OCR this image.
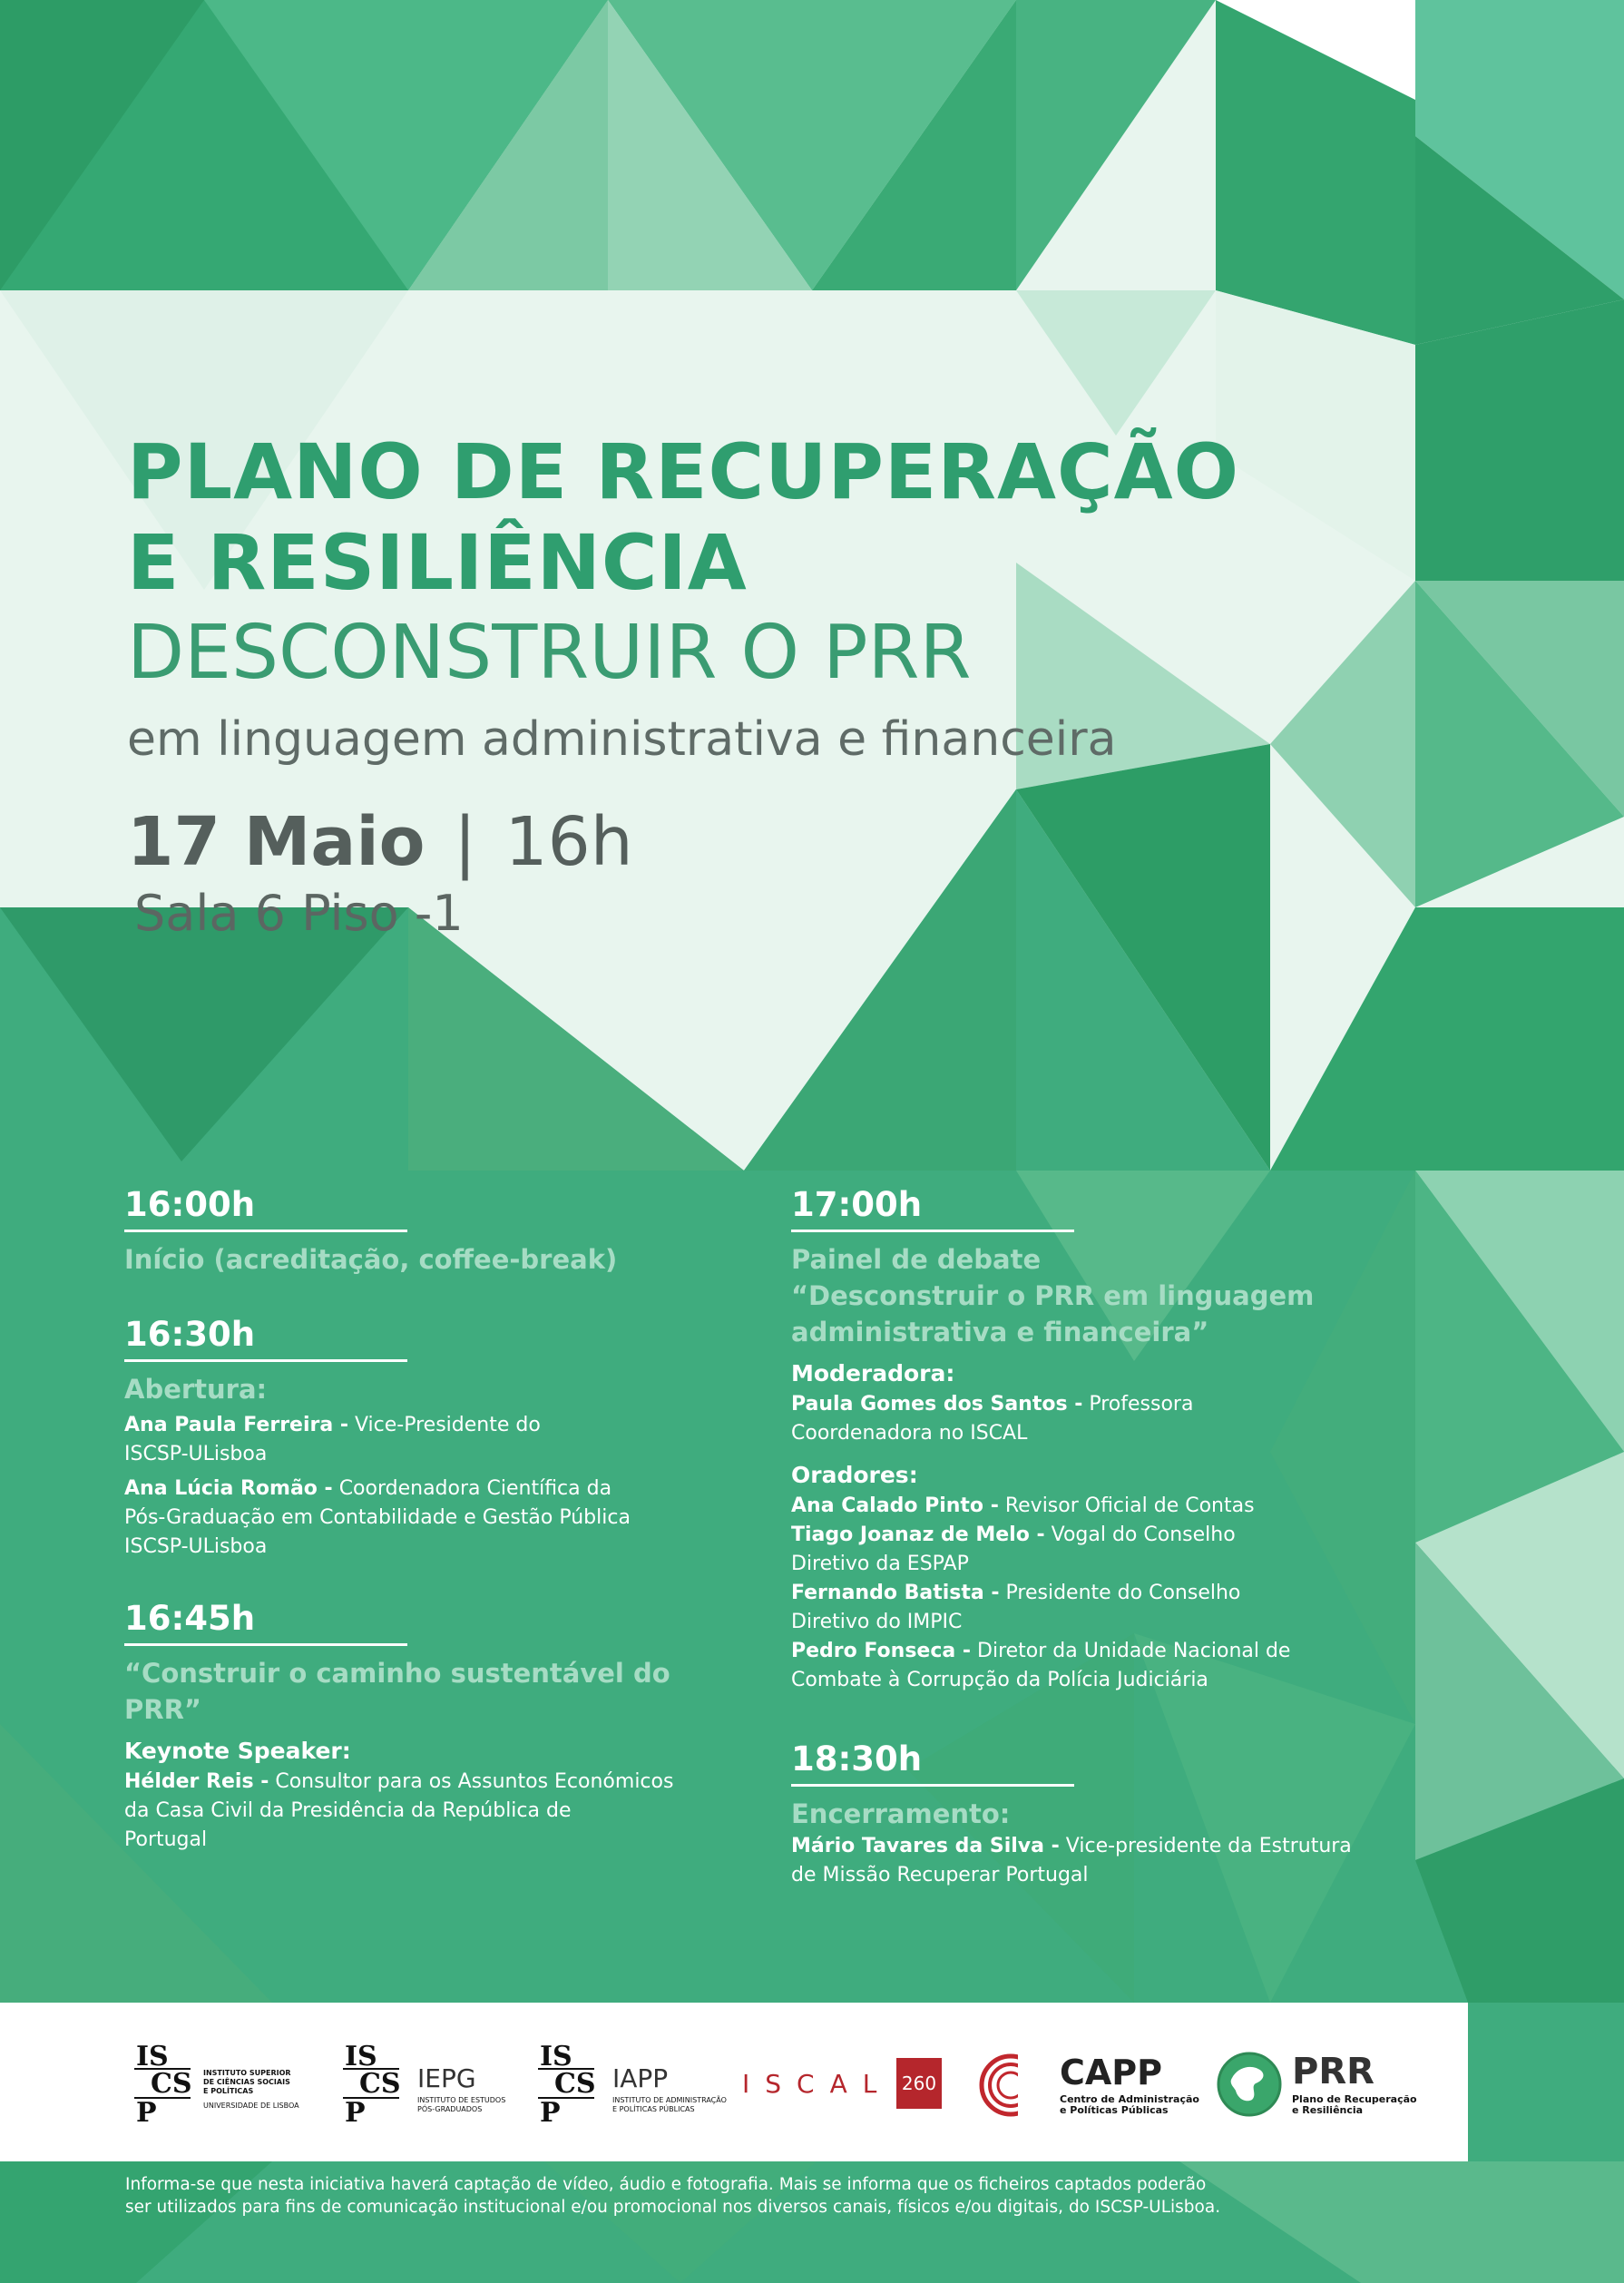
PLANO DE RECUPERAÇÃO
E RESILIÊNCIA
DESCONSTRUIR O PRR
em linguagem administrativa e financeira
17 Maio | 16h
Sala 6 Piso -1
16:00h
Início (acreditação, coffee-break)
16:30h
Abertura:
Ana Paula Ferreira - Vice-Presidente do
ISCSP-ULisboa
Ana Lúcia Romão - Coordenadora Científica da
Pós-Graduação em Contabilidade e Gestão Pública
ISCSP-ULisboa
16:45h
“Construir o caminho sustentável do PRR”
Keynote Speaker:
Hélder Reis - Consultor para os Assuntos Económicos
da Casa Civil da Presidência da República de
Portugal
17:00h
Painel de debate
“Desconstruir o PRR em linguagem
administrativa e financeira”
Moderadora:
Paula Gomes dos Santos - Professora
Coordenadora no ISCAL
Oradores:
Ana Calado Pinto - Revisor Oficial de Contas
Tiago Joanaz de Melo - Vogal do Conselho
Diretivo da ESPAP
Fernando Batista - Presidente do Conselho
Diretivo do IMPIC
Pedro Fonseca - Diretor da Unidade Nacional de
Combate à Corrupção da Polícia Judiciária
18:30h
Encerramento:
Mário Tavares da Silva - Vice-presidente da Estrutura
de Missão Recuperar Portugal
IS
CS
P
INSTITUTO SUPERIOR
DE CIÊNCIAS SOCIAIS
E POLÍTICAS
UNIVERSIDADE DE LISBOA
IS
CS
P
IEPG
INSTITUTO DE ESTUDOS
PÓS-GRADUADOS
IS
CS
P
IAPP
INSTITUTO DE ADMINISTRAÇÃO
E POLÍTICAS PÚBLICAS
ISCAL 260	CAPP
Centro de Administração
e Políticas Públicas
PRR
Plano de Recuperação
e Resiliência
Informa-se que nesta iniciativa haverá captação de vídeo, áudio e fotografia. Mais se informa que os ficheiros captados poderão
ser utilizados para fins de comunicação institucional e/ou promocional nos diversos canais, físicos e/ou digitais, do ISCSP-ULisboa.
